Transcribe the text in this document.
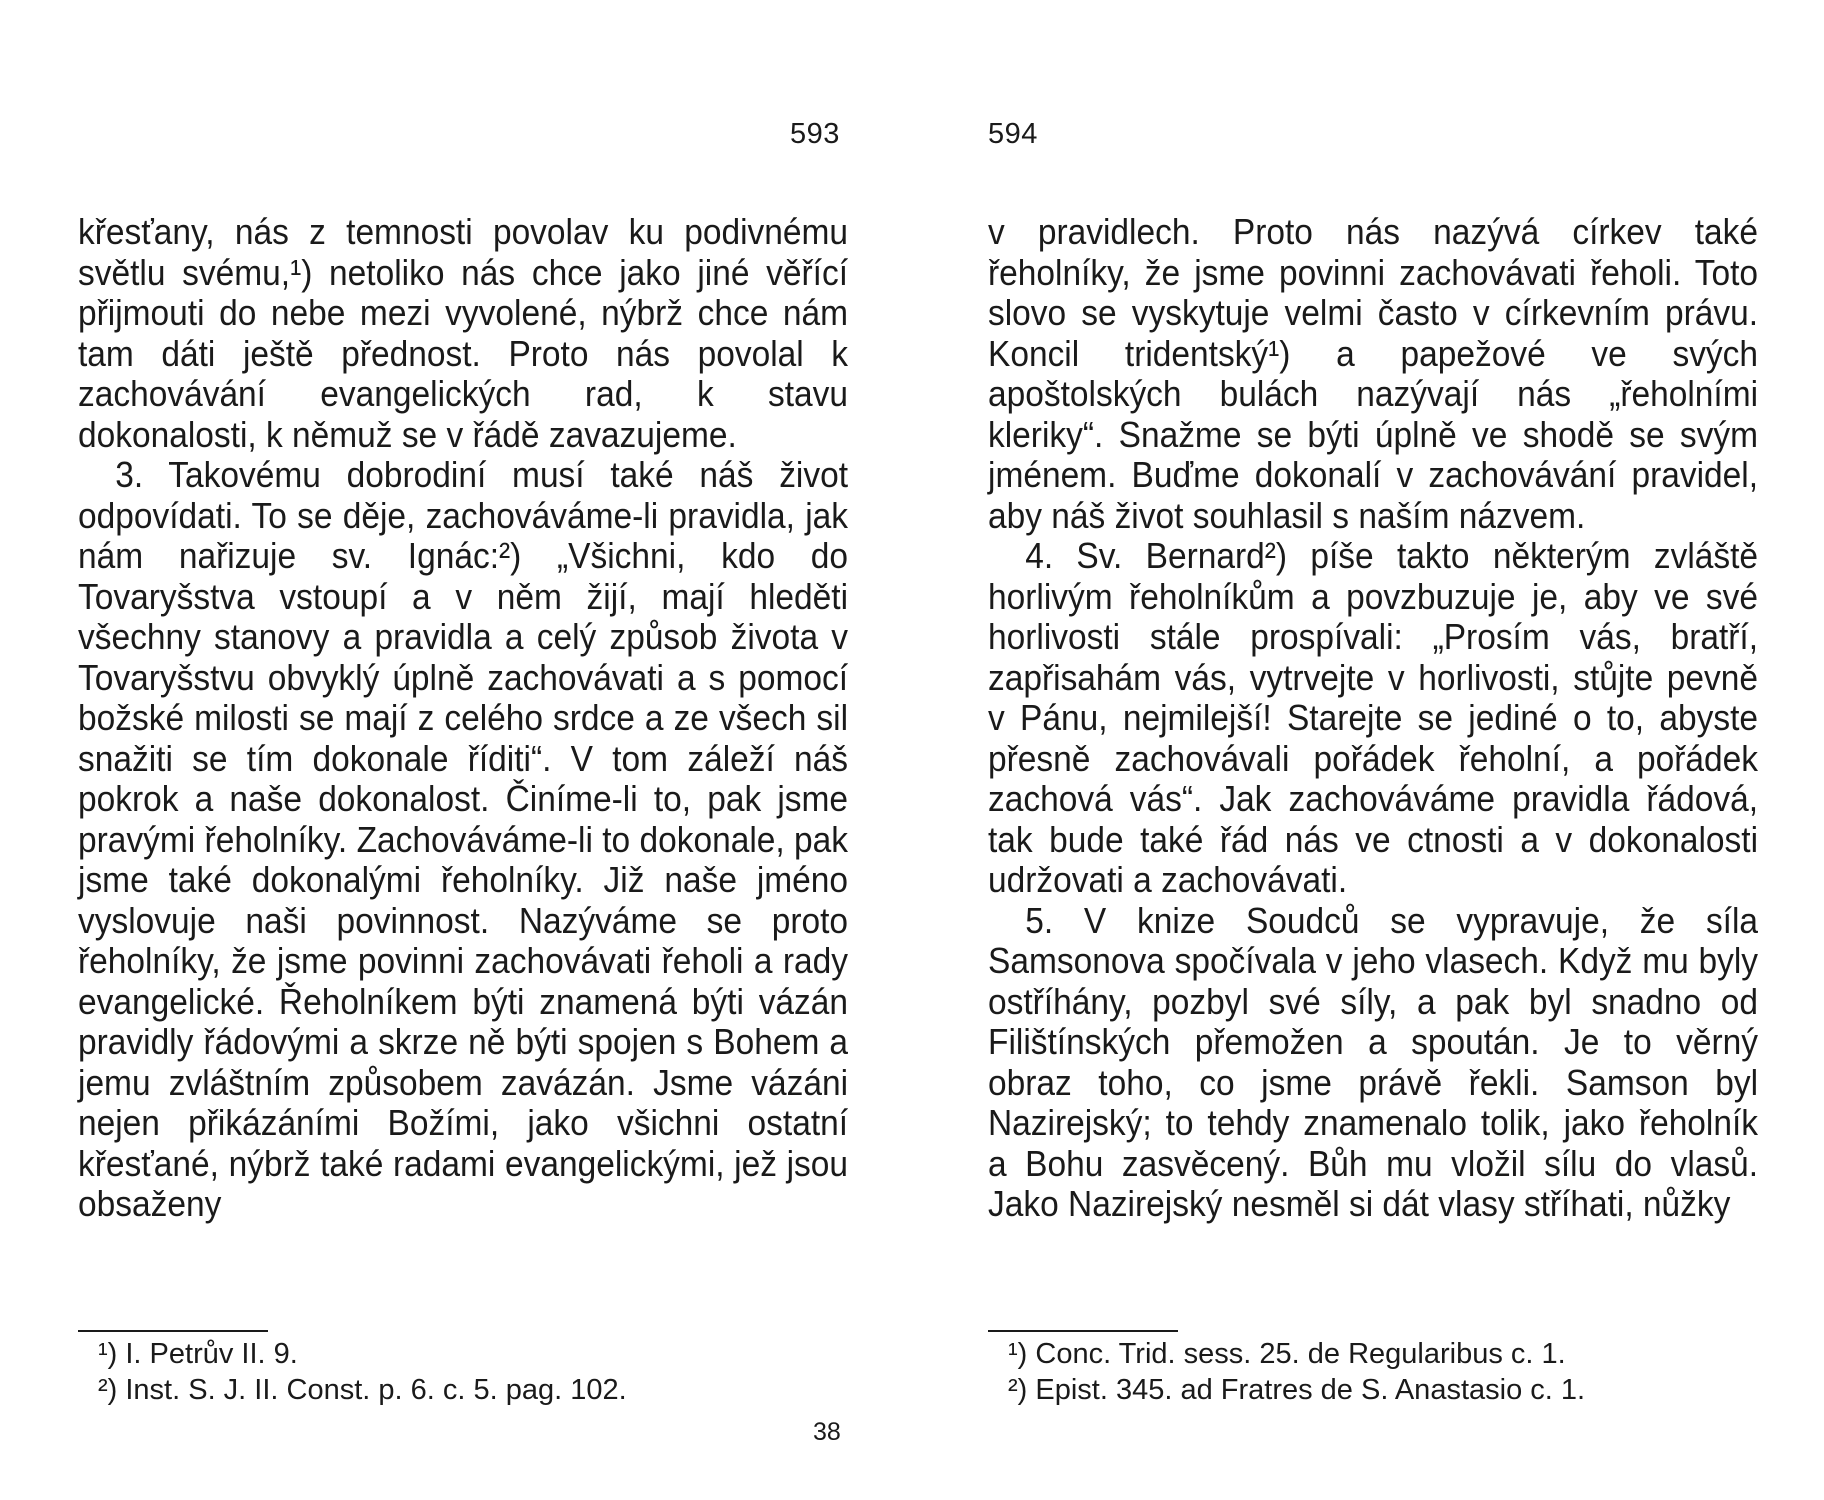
593

křesťany, nás z temnosti povolav ku podivnému světlu svému,¹) netoliko nás chce jako jiné věřící přijmouti do nebe mezi vyvolené, nýbrž chce nám tam dáti ještě přednost. Proto nás povolal k zachovávání evangelických rad, k stavu dokonalosti, k němuž se v řádě zavazujeme.

3. Takovému dobrodiní musí také náš život odpovídati. To se děje, zachováváme-li pravidla, jak nám nařizuje sv. Ignác:²) „Všichni, kdo do Tovaryšstva vstoupí a v něm žijí, mají hleděti všechny stanovy a pravidla a celý způsob života v Tovaryšstvu obvyklý úplně zachovávati a s pomocí božské milosti se mají z celého srdce a ze všech sil snažiti se tím dokonale říditi“. V tom záleží náš pokrok a naše dokonalost. Činíme-li to, pak jsme pravými řeholníky. Zachováváme-li to dokonale, pak jsme také dokonalými řeholníky. Již naše jméno vyslovuje naši povinnost. Nazýváme se proto řeholníky, že jsme povinni zachovávati řeholi a rady evangelické. Řeholníkem býti znamená býti vázán pravidly řádovými a skrze ně býti spojen s Bohem a jemu zvláštním způsobem zavázán. Jsme vázáni nejen přikázáními Božími, jako všichni ostatní křesťané, nýbrž také radami evangelickými, jež jsou obsaženy

¹) I. Petrův II. 9.
²) Inst. S. J. II. Const. p. 6. c. 5. pag. 102.
38
594

v pravidlech. Proto nás nazývá církev také řeholníky, že jsme povinni zachovávati řeholi. Toto slovo se vyskytuje velmi často v církevním právu. Koncil tridentský¹) a papežové ve svých apoštolských bulách nazývají nás „řeholními kleriky“. Snažme se býti úplně ve shodě se svým jménem. Buďme dokonalí v zachovávání pravidel, aby náš život souhlasil s naším názvem.

4. Sv. Bernard²) píše takto některým zvláště horlivým řeholníkům a povzbuzuje je, aby ve své horlivosti stále prospívali: „Prosím vás, bratří, zapřisahám vás, vytrvejte v horlivosti, stůjte pevně v Pánu, nejmilejší! Starejte se jediné o to, abyste přesně zachovávali pořádek řeholní, a pořádek zachová vás“. Jak zachováváme pravidla řádová, tak bude také řád nás ve ctnosti a v dokonalosti udržovati a zachovávati.

5. V knize Soudců se vypravuje, že síla Samsonova spočívala v jeho vlasech. Když mu byly ostříhány, pozbyl své síly, a pak byl snadno od Filištínských přemožen a spoután. Je to věrný obraz toho, co jsme právě řekli. Samson byl Nazirejský; to tehdy znamenalo tolik, jako řeholník a Bohu zasvěcený. Bůh mu vložil sílu do vlasů. Jako Nazirejský nesměl si dát vlasy stříhati, nůžky

¹) Conc. Trid. sess. 25. de Regularibus c. 1.
²) Epist. 345. ad Fratres de S. Anastasio c. 1.
